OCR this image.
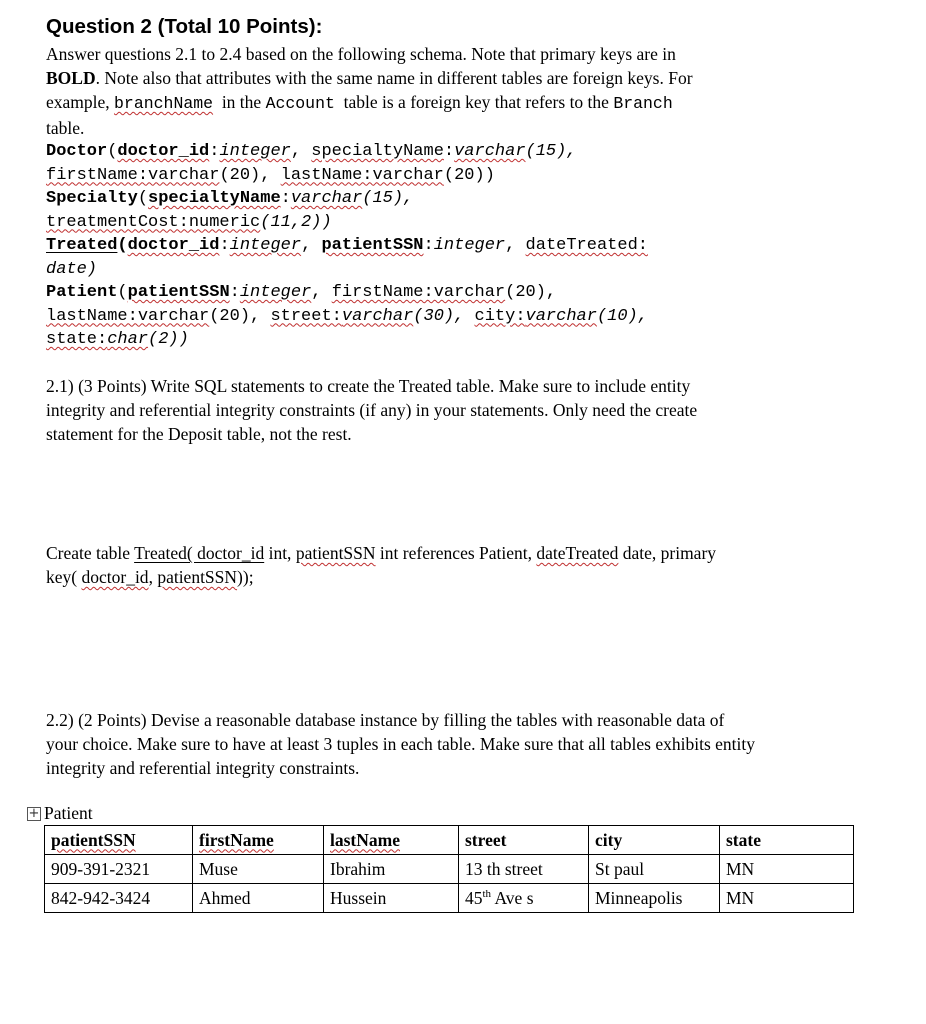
Question 2 (Total 10 Points):

Answer questions 2.1 to 2.4 based on the following schema. Note that primary keys are in

BOLD. Note also that attributes with the same name in different tables are foreign keys. For

example, branchName  in the Account  table is a foreign key that refers to the Branch

table.

Doctor(doctor_id:integer, specialtyName:varchar(15),
firstName:varchar(20), lastName:varchar(20))
Specialty(specialtyName:varchar(15),
treatmentCost:numeric(11,2))
Treated(doctor_id:integer, patientSSN:integer, dateTreated:
date)
Patient(patientSSN:integer, firstName:varchar(20),
lastName:varchar(20), street:varchar(30), city:varchar(10),
state:char(2))
2.1) (3 Points) Write SQL statements to create the Treated table. Make sure to include entity
integrity and referential integrity constraints (if any) in your statements. Only need the create
statement for the Deposit table, not the rest.
Create table Treated( doctor_id int, patientSSN int references Patient, dateTreated date, primary
key( doctor_id, patientSSN));
2.2) (2 Points) Devise a reasonable database instance by filling the tables with reasonable data of
your choice. Make sure to have at least 3 tuples in each table. Make sure that all tables exhibits entity
integrity and referential integrity constraints.
+ Patient
patientSSN	firstName	lastName	street	city	state
909-391-2321	Muse	Ibrahim	13 th street	St paul	MN
842-942-3424	Ahmed	Hussein	45th Ave s	Minneapolis	MN
